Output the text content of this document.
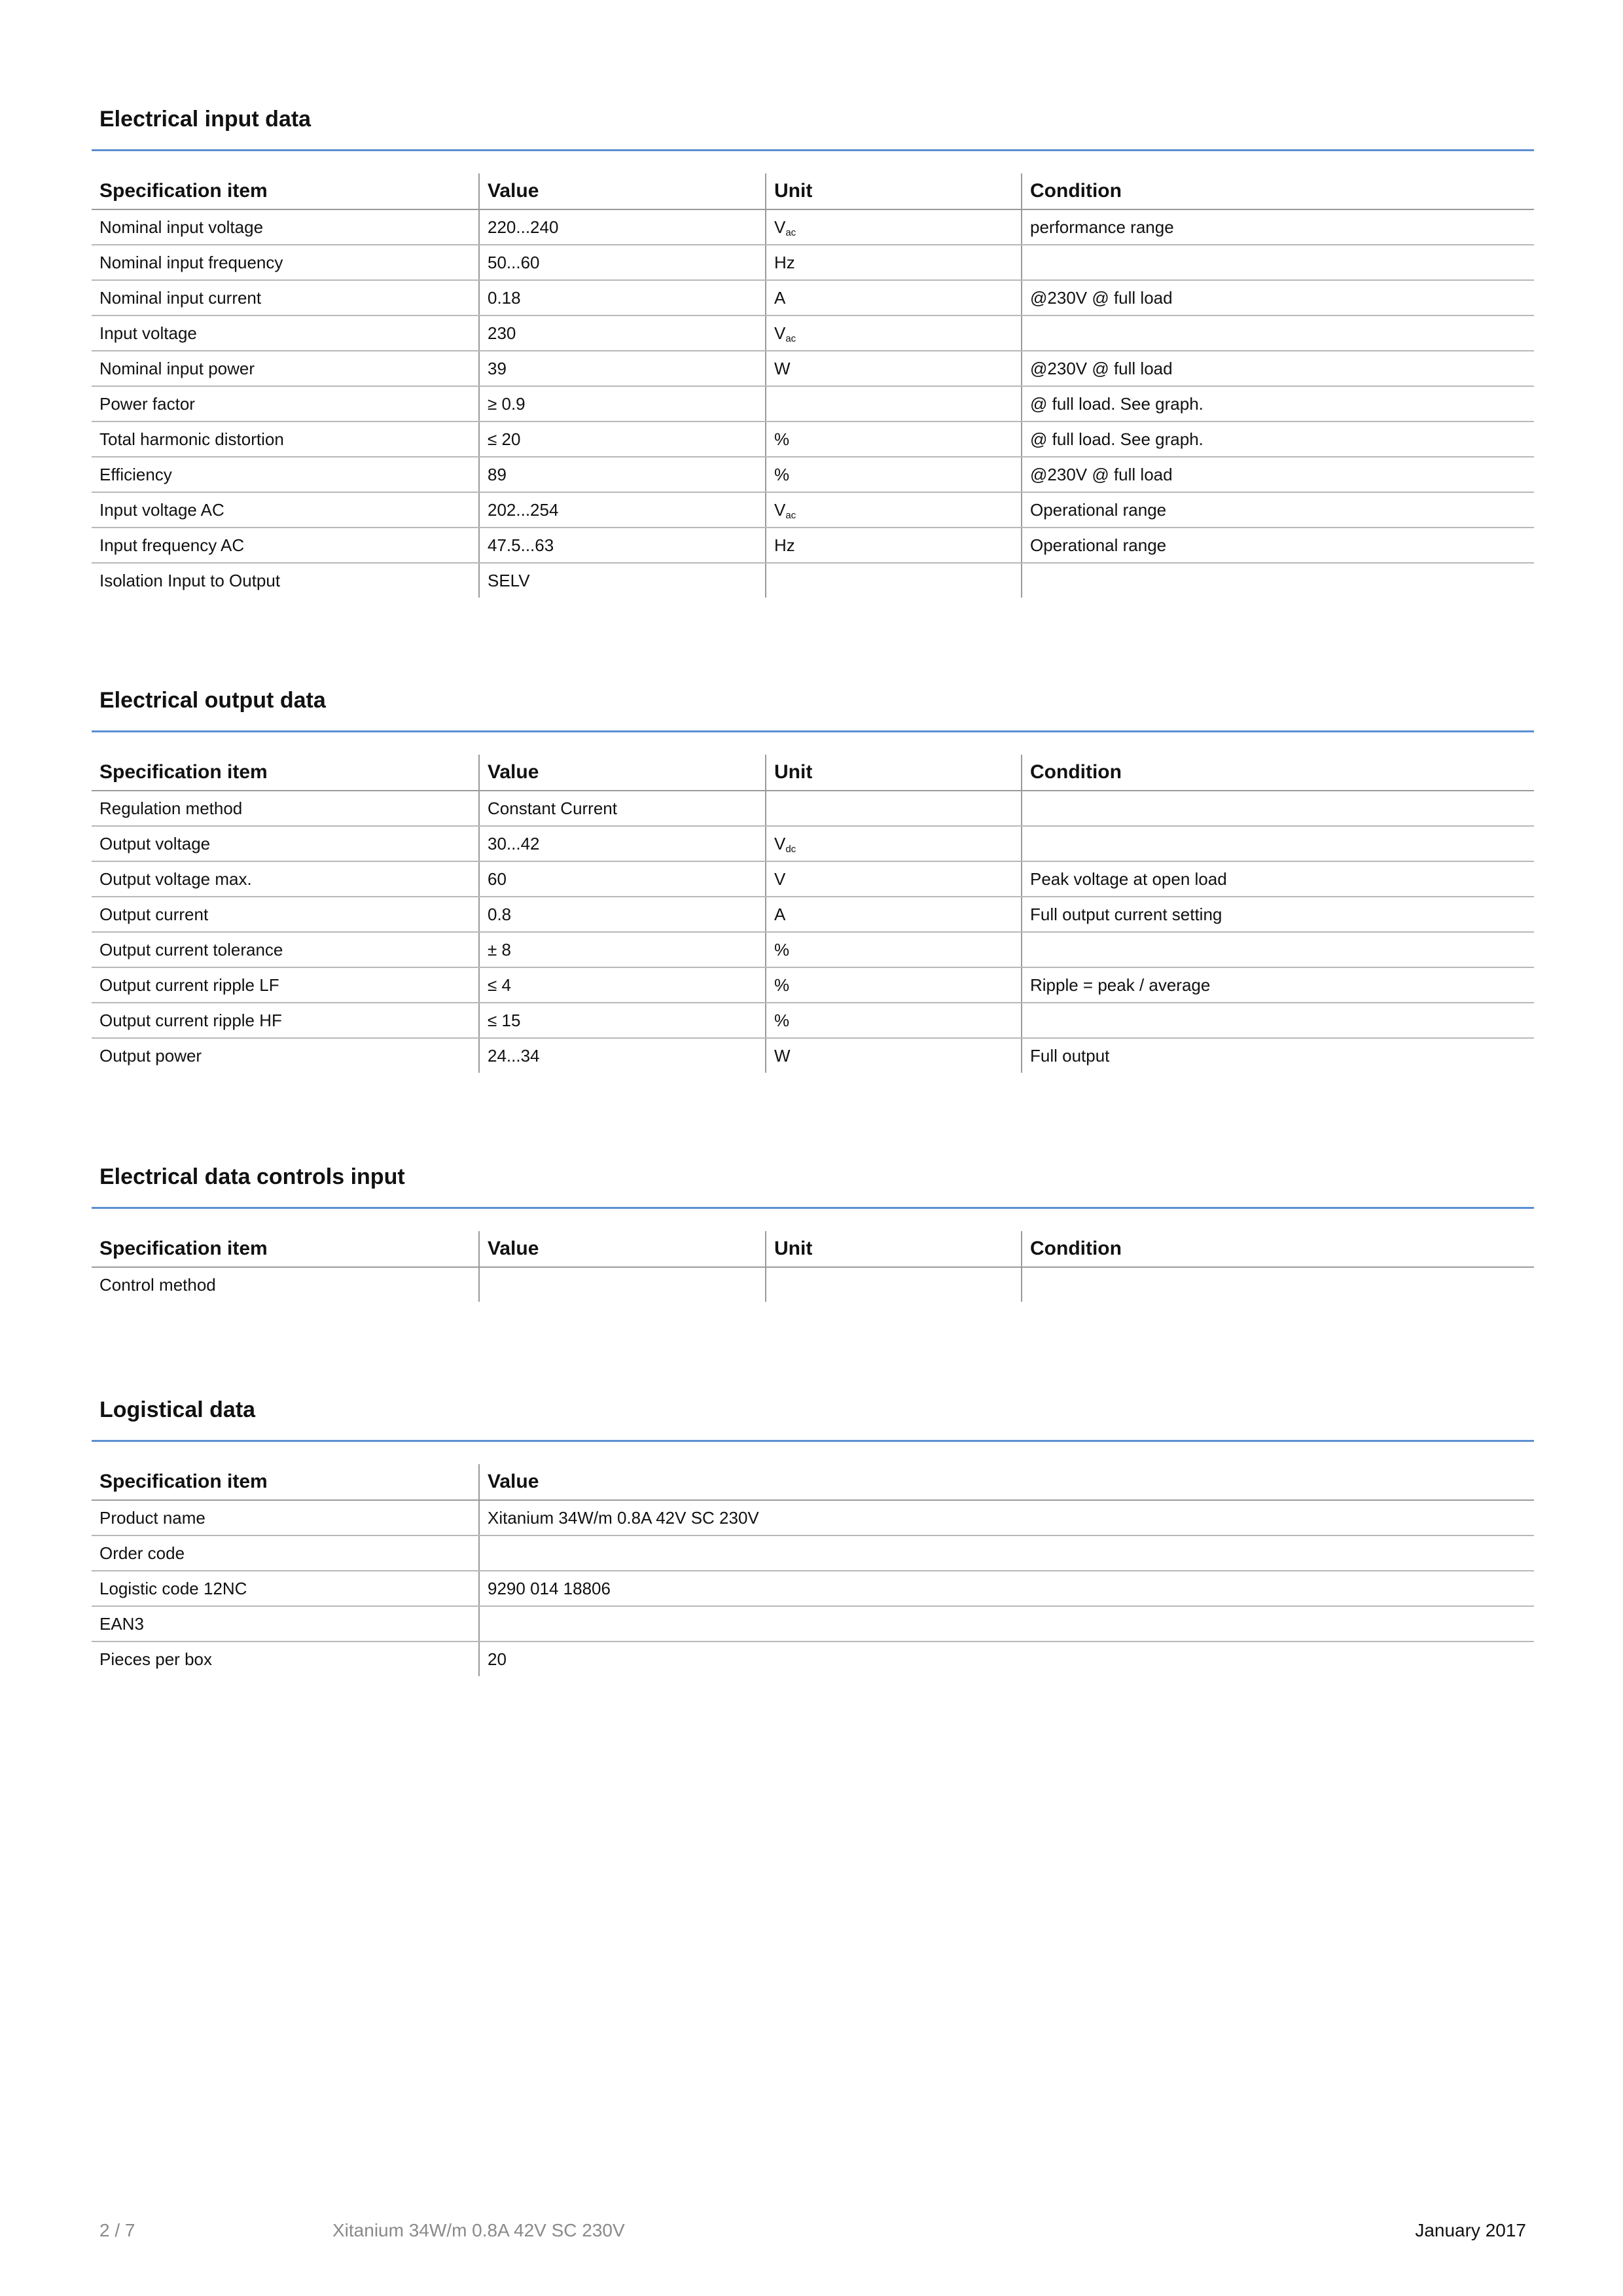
Electrical input data
Specification item	Value	Unit	Condition
Nominal input voltage	220...240	$V_{ac}$	performance range
Nominal input frequency	50...60	Hz	
Nominal input current	0.18	A	@230V @ full load
Input voltage	230	$V_{ac}$	
Nominal input power	39	W	@230V @ full load
Power factor	≥ 0.9		@ full load. See graph.
Total harmonic distortion	≤ 20	%	@ full load. See graph.
Efficiency	89	%	@230V @ full load
Input voltage AC	202...254	$V_{ac}$	Operational range
Input frequency AC	47.5...63	Hz	Operational range
Isolation Input to Output	SELV		
Electrical output data
Specification item	Value	Unit	Condition
Regulation method	Constant Current		
Output voltage	30...42	$V_{dc}$	
Output voltage max.	60	V	Peak voltage at open load
Output current	0.8	A	Full output current setting
Output current tolerance	± 8	%	
Output current ripple LF	≤ 4	%	Ripple = peak / average
Output current ripple HF	≤ 15	%	
Output power	24...34	W	Full output
Electrical data controls input
Specification item	Value	Unit	Condition
Control method			
Logistical data
Specification item	Value
Product name	Xitanium 34W/m 0.8A 42V SC 230V
Order code	
Logistic code 12NC	9290 014 18806
EAN3	
Pieces per box	20
2 / 7	Xitanium 34W/m 0.8A 42V SC 230V	January 2017
